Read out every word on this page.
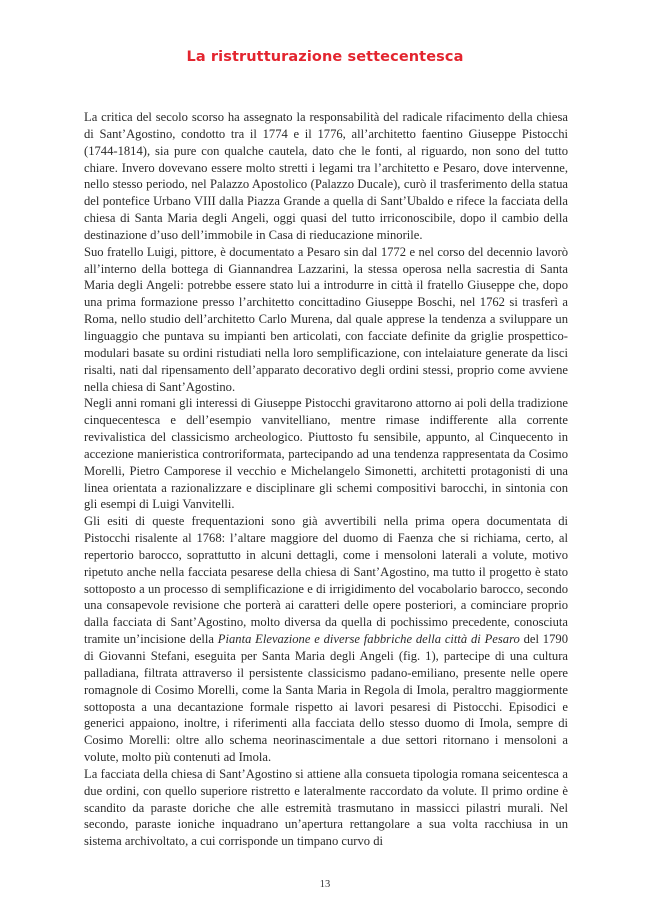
La ristrutturazione settecentesca

La critica del secolo scorso ha assegnato la responsabilità del radicale rifacimento della chiesa di Sant’Agostino, condotto tra il 1774 e il 1776, all’architetto faentino Giuseppe Pistocchi (1744-1814), sia pure con qualche cautela, dato che le fonti, al riguardo, non sono del tutto chiare. Invero dovevano essere molto stretti i legami tra l’architetto e Pesaro, dove intervenne, nello stesso periodo, nel Palazzo Apostolico (Palazzo Ducale), curò il trasferimento della statua del pontefice Urbano VIII dalla Piazza Grande a quella di Sant’Ubaldo e rifece la facciata della chiesa di Santa Maria degli Angeli, oggi quasi del tutto irriconoscibile, dopo il cambio della destinazione d’uso dell’immobile in Casa di rieducazione minorile.

Suo fratello Luigi, pittore, è documentato a Pesaro sin dal 1772 e nel corso del decennio lavorò all’interno della bottega di Giannandrea Lazzarini, la stessa operosa nella sacrestia di Santa Maria degli Angeli: potrebbe essere stato lui a introdurre in città il fratello Giuseppe che, dopo una prima formazione presso l’architetto concittadino Giuseppe Boschi, nel 1762 si trasferì a Roma, nello studio dell’architetto Carlo Murena, dal quale apprese la tendenza a sviluppare un linguaggio che puntava su impianti ben articolati, con facciate definite da griglie prospettico-modulari basate su ordini ristudiati nella loro semplificazione, con intelaiature generate da lisci risalti, nati dal ripensamento dell’apparato decorativo degli ordini stessi, proprio come avviene nella chiesa di Sant’Agostino.

Negli anni romani gli interessi di Giuseppe Pistocchi gravitarono attorno ai poli della tradizione cinquecentesca e dell’esempio vanvitelliano, mentre rimase indifferente alla corrente revivalistica del classicismo archeologico. Piuttosto fu sensibile, appunto, al Cinquecento in accezione manieristica controriformata, partecipando ad una tendenza rappresentata da Cosimo Morelli, Pietro Camporese il vecchio e Michelangelo Simonetti, architetti protagonisti di una linea orientata a razionalizzare e disciplinare gli schemi compositivi barocchi, in sintonia con gli esempi di Luigi Vanvitelli.

Gli esiti di queste frequentazioni sono già avvertibili nella prima opera documentata di Pistocchi risalente al 1768: l’altare maggiore del duomo di Faenza che si richiama, certo, al repertorio barocco, soprattutto in alcuni dettagli, come i mensoloni laterali a volute, motivo ripetuto anche nella facciata pesarese della chiesa di Sant’Agostino, ma tutto il progetto è stato sottoposto a un processo di semplificazione e di irrigidimento del vocabolario barocco, secondo una consapevole revisione che porterà ai caratteri delle opere posteriori, a cominciare proprio dalla facciata di Sant’Agostino, molto diversa da quella di pochissimo precedente, conosciuta tramite un’incisione della Pianta Elevazione e diverse fabbriche della città di Pesaro del 1790 di Giovanni Stefani, eseguita per Santa Maria degli Angeli (fig. 1), partecipe di una cultura palladiana, filtrata attraverso il persistente classicismo padano-emiliano, presente nelle opere romagnole di Cosimo Morelli, come la Santa Maria in Regola di Imola, peraltro maggiormente sottoposta a una decantazione formale rispetto ai lavori pesaresi di Pistocchi. Episodici e generici appaiono, inoltre, i riferimenti alla facciata dello stesso duomo di Imola, sempre di Cosimo Morelli: oltre allo schema neorinascimentale a due settori ritornano i mensoloni a volute, molto più contenuti ad Imola.

La facciata della chiesa di Sant’Agostino si attiene alla consueta tipologia romana seicentesca a due ordini, con quello superiore ristretto e lateralmente raccordato da volute. Il primo ordine è scandito da paraste doriche che alle estremità trasmutano in massicci pilastri murali. Nel secondo, paraste ioniche inquadrano un’apertura rettangolare a sua volta racchiusa in un sistema archivoltato, a cui corrisponde un timpano curvo di

13
